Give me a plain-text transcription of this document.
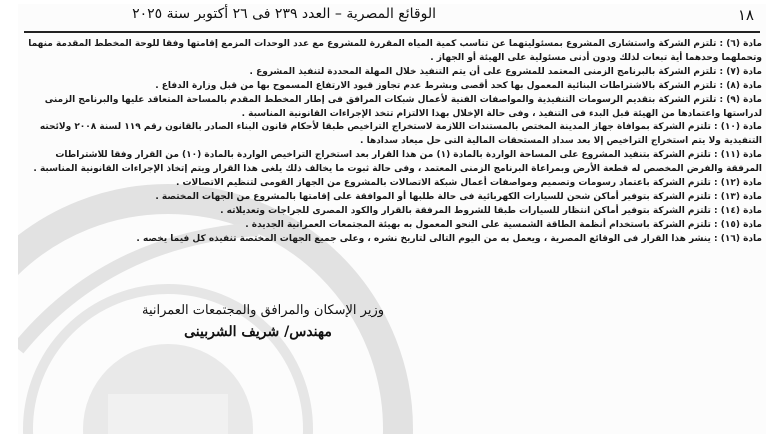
١٨
الوقائع المصرية – العدد ٢٣٩ فى ٢٦ أكتوبر سنة ٢٠٢٥

مادة (٦) : تلتزم الشركة واستشارى المشروع بمسئوليتهما عن تناسب كمية المياه المقررة للمشروع مع عدد الوحدات المزمع إقامتها وفقا للوحة المخطط المقدمة منهما وتحملهما وحدهما أية تبعات لذلك ودون أدنى مسئولية على الهيئة أو الجهاز .

مادة (٧) : تلتزم الشركة بالبرنامج الزمنى المعتمد للمشروع على أن يتم التنفيذ خلال المهلة المحددة لتنفيذ المشروع .

مادة (٨) : تلتزم الشركة بالاشتراطات البنائية المعمول بها كحد أقصى وبشرط عدم تجاوز قيود الارتفاع المسموح بها من قبل وزارة الدفاع .

مادة (٩) : تلتزم الشركة بتقديم الرسومات التنفيذية والمواصفات الفنية لأعمال شبكات المرافق فى إطار المخطط المقدم بالمساحة المتعاقد عليها والبرنامج الزمنى لدراستها واعتمادها من الهيئة قبل البدء فى التنفيذ ، وفى حالة الإخلال بهذا الالتزام تتخذ الإجراءات القانونية المناسبة .

مادة (١٠) : تلتزم الشركة بموافاة جهاز المدينة المختص بالمستندات اللازمة لاستخراج التراخيص طبقا لأحكام قانون البناء الصادر بالقانون رقم ١١٩ لسنة ٢٠٠٨ ولائحته التنفيذية ولا يتم استخراج التراخيص إلا بعد سداد المستحقات المالية التى حل ميعاد سدادها .

مادة (١١) : تلتزم الشركة بتنفيذ المشروع على المساحة الواردة بالمادة (١) من هذا القرار بعد استخراج التراخيص الواردة بالمادة (١٠) من القرار وفقا للاشتراطات المرفقة والفرض المخصص له قطعة الأرض وبمراعاة البرنامج الزمنى المعتمد ، وفى حالة ثبوت ما يخالف ذلك يلغى هذا القرار ويتم إتخاذ الإجراءات القانونية المناسبة .

مادة (١٢) : تلتزم الشركة باعتماد رسومات وتصميم ومواصفات أعمال شبكة الاتصالات بالمشروع من الجهاز القومى لتنظيم الاتصالات .

مادة (١٣) : تلتزم الشركة بتوفير أماكن شحن للسيارات الكهربائية فى حالة طلبها أو الموافقة على إقامتها بالمشروع من الجهات المختصة .

مادة (١٤) : تلتزم الشركة بتوفير أماكن انتظار للسيارات طبقا للشروط المرفقة بالقرار والكود المصرى للجراجات وتعديلاته .

مادة (١٥) : تلتزم الشركة باستخدام أنظمة الطاقة الشمسية على النحو المعمول به بهيئة المجتمعات العمرانية الجديدة .

مادة (١٦) : ينشر هذا القرار فى الوقائع المصرية ، ويعمل به من اليوم التالى لتاريخ نشره ، وعلى جميع الجهات المختصة تنفيذه كل فيما يخصه .

وزير الإسكان والمرافق والمجتمعات العمرانية
مهندس/ شريف الشربينى
